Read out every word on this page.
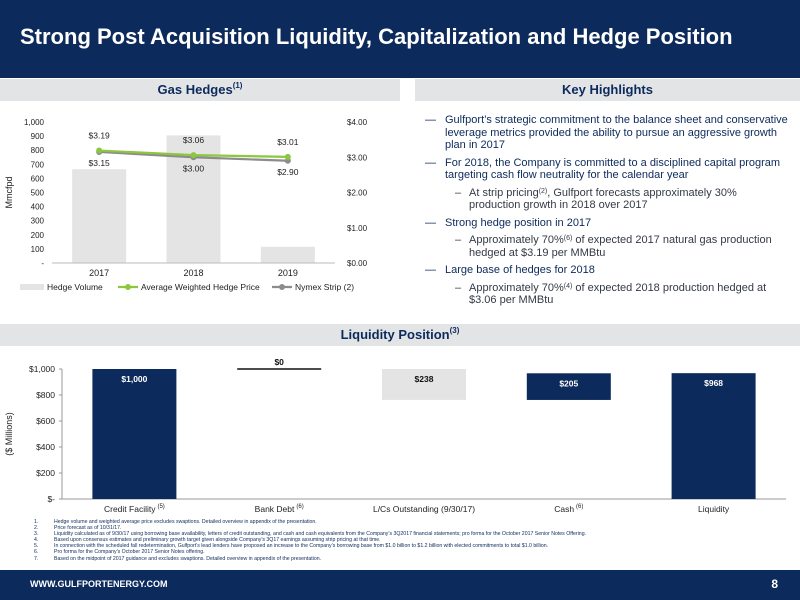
Strong Post Acquisition Liquidity, Capitalization and Hedge Position
Gas Hedges$^{(1)}$	Key Highlights
Mmcfpd
-
100
200
300
400
500
600
700
800
900
1,000
$0.00
$1.00
$2.00
$3.00
$4.00
2017	2018	2019
$3.15
$3.00	$2.90
$3.19	$3.06	$3.01
Hedge Volume	Average Weighted Hedge Price	Nymex Strip (2)
— Gulfport’s strategic commitment to the balance sheet and conservative leverage metrics provided the ability to pursue an aggressive growth plan in 2017
— For 2018, the Company is committed to a disciplined capital program targeting cash flow neutrality for the calendar year
– At strip pricing$^{(2)}$, Gulfport forecasts approximately 30% production growth in 2018 over 2017
— Strong hedge position in 2017
– Approximately 70%$^{(6)}$ of expected 2017 natural gas production hedged at $3.19 per MMBtu
— Large base of hedges for 2018
– Approximately 70%$^{(4)}$ of expected 2018 production hedged at $3.06 per MMBtu
Liquidity Position$^{(3)}$
($ Millions)
$-
$200
$400
$600
$800
$1,000
$1,000
$0
$238	$205	$968
Credit Facility $^{(5)}$	Bank Debt $^{(6)}$	L/Cs Outstanding (9/30/17)	Cash $^{(6)}$	Liquidity
1.	Hedge volume and weighted average price excludes swaptions. Detailed overview in appendix of the presentation.
2.	Price forecast as of 10/31/17.
3.	Liquidity calculated as of 9/30/17 using borrowing base availability, letters of credit outstanding, and cash and cash equivalents from the Company’s 3Q2017 financial statements; pro forma for the October 2017 Senior Notes Offering.
4.	Based upon consensus estimates and preliminary growth target given alongside Company’s 3Q17 earnings assuming strip pricing at that time.
5.	In connection with the scheduled fall redetermination, Gulfport’s lead lenders have proposed an increase to the Company’s borrowing base from $1.0 billion to $1.2 billion with elected commitments to total $1.0 billion.
6.	Pro forma for the Company’s October 2017 Senior Notes offering.
7.	Based on the midpoint of 2017 guidance and excludes swaptions. Detailed overview in appendix of the presentation.
WWW.GULFPORTENERGY.COM	8
